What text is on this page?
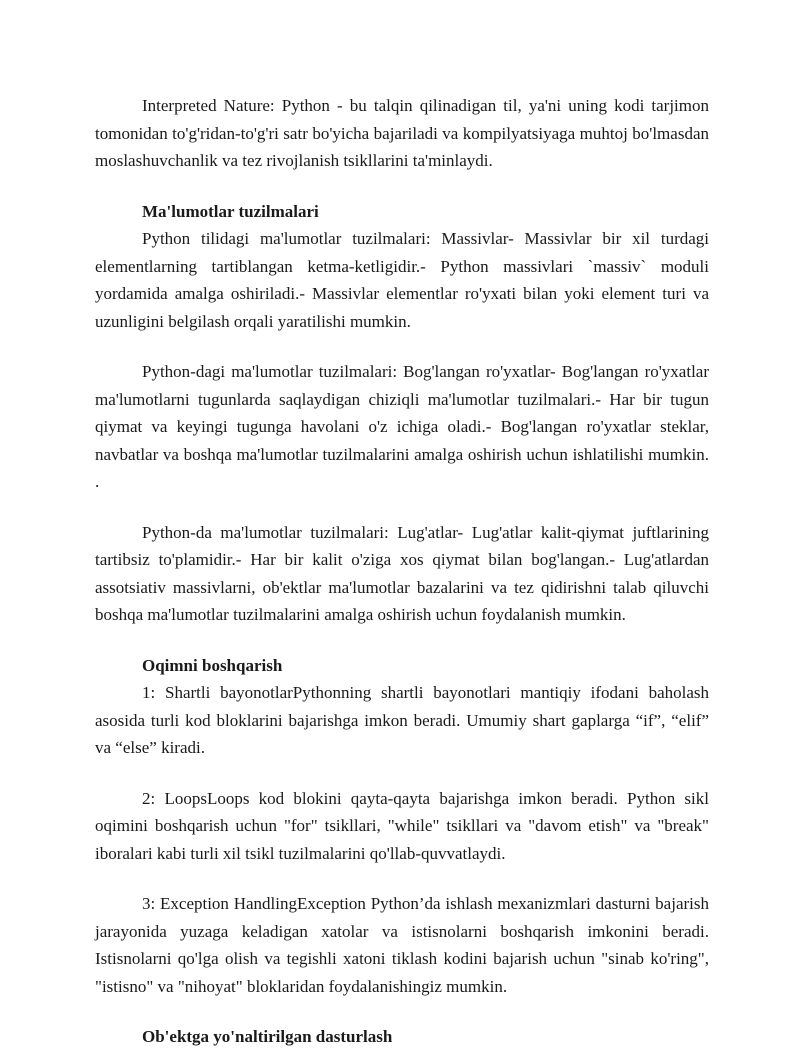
Interpreted Nature: Python - bu talqin qilinadigan til, ya'ni uning kodi tarjimon tomonidan to'g'ridan-to'g'ri satr bo'yicha bajariladi va kompilyatsiyaga muhtoj bo'lmasdan moslashuvchanlik va tez rivojlanish tsikllarini ta'minlaydi.

Ma'lumotlar tuzilmalari

Python tilidagi ma'lumotlar tuzilmalari: Massivlar- Massivlar bir xil turdagi elementlarning tartiblangan ketma-ketligidir.- Python massivlari `massiv` moduli yordamida amalga oshiriladi.- Massivlar elementlar ro'yxati bilan yoki element turi va uzunligini belgilash orqali yaratilishi mumkin.

Python-dagi ma'lumotlar tuzilmalari: Bog'langan ro'yxatlar- Bog'langan ro'yxatlar ma'lumotlarni tugunlarda saqlaydigan chiziqli ma'lumotlar tuzilmalari.- Har bir tugun qiymat va keyingi tugunga havolani o'z ichiga oladi.- Bog'langan ro'yxatlar steklar, navbatlar va boshqa ma'lumotlar tuzilmalarini amalga oshirish uchun ishlatilishi mumkin. .

Python-da ma'lumotlar tuzilmalari: Lug'atlar- Lug'atlar kalit-qiymat juftlarining tartibsiz to'plamidir.- Har bir kalit o'ziga xos qiymat bilan bog'langan.- Lug'atlardan assotsiativ massivlarni, ob'ektlar ma'lumotlar bazalarini va tez qidirishni talab qiluvchi boshqa ma'lumotlar tuzilmalarini amalga oshirish uchun foydalanish mumkin.

Oqimni boshqarish

1: Shartli bayonotlarPythonning shartli bayonotlari mantiqiy ifodani baholash asosida turli kod bloklarini bajarishga imkon beradi. Umumiy shart gaplarga “if”, “elif” va “else” kiradi.

2: LoopsLoops kod blokini qayta-qayta bajarishga imkon beradi. Python sikl oqimini boshqarish uchun "for" tsikllari, "while" tsikllari va "davom etish" va "break" iboralari kabi turli xil tsikl tuzilmalarini qo'llab-quvvatlaydi.

3: Exception HandlingException Python’da ishlash mexanizmlari dasturni bajarish jarayonida yuzaga keladigan xatolar va istisnolarni boshqarish imkonini beradi. Istisnolarni qo'lga olish va tegishli xatoni tiklash kodini bajarish uchun "sinab ko'ring", "istisno" va "nihoyat" bloklaridan foydalanishingiz mumkin.

Ob'ektga yo'naltirilgan dasturlash
